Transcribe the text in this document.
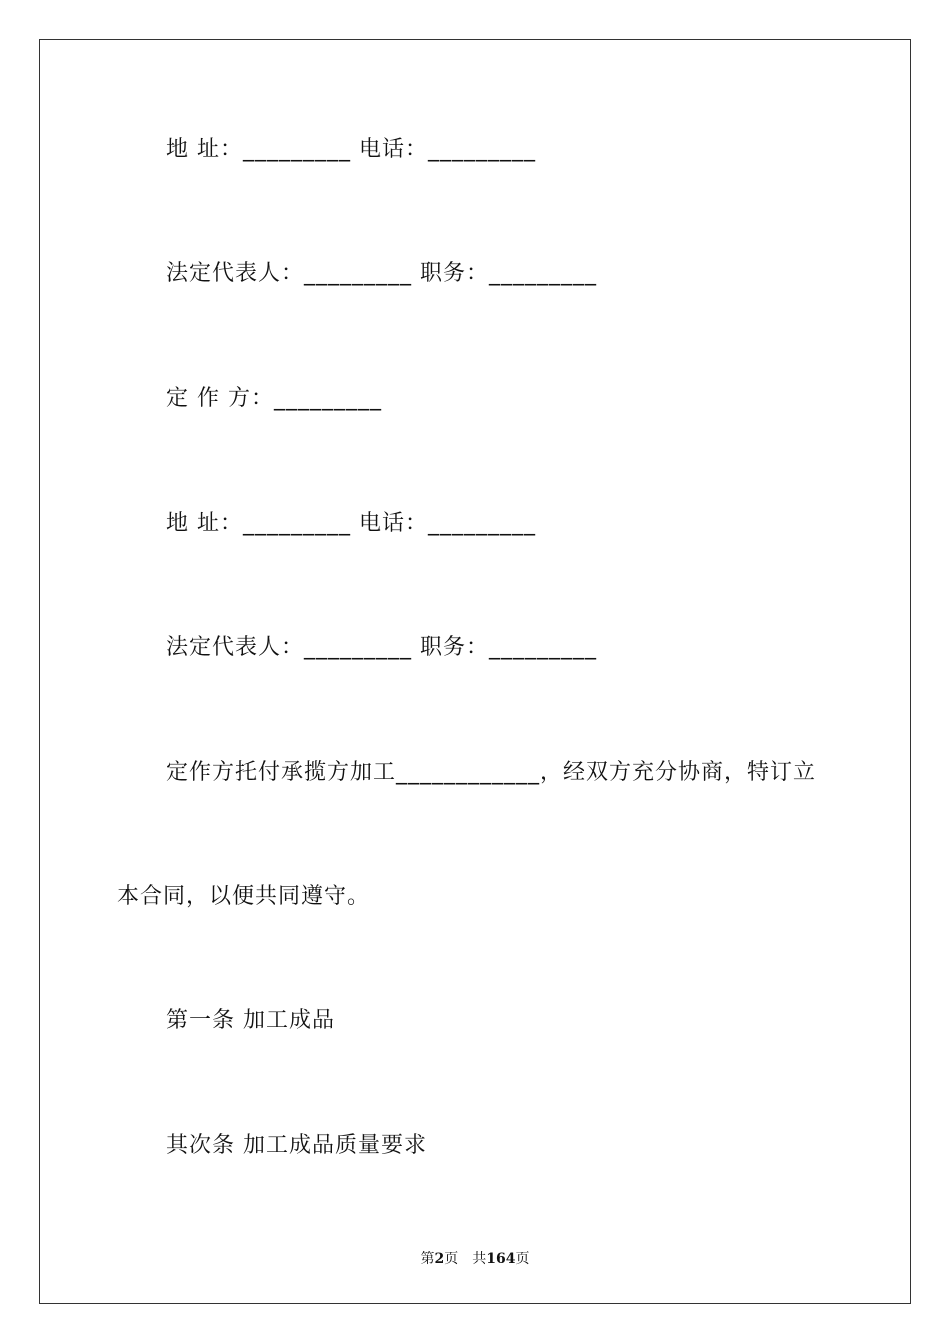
地 址：_________ 电话：_________
法定代表人：_________ 职务：_________
定 作 方：_________
地 址：_________ 电话：_________
法定代表人：_________ 职务：_________
定作方托付承揽方加工____________，经双方充分协商，特订立
本合同，以便共同遵守。
第一条 加工成品
其次条 加工成品质量要求
第2页　共164页
